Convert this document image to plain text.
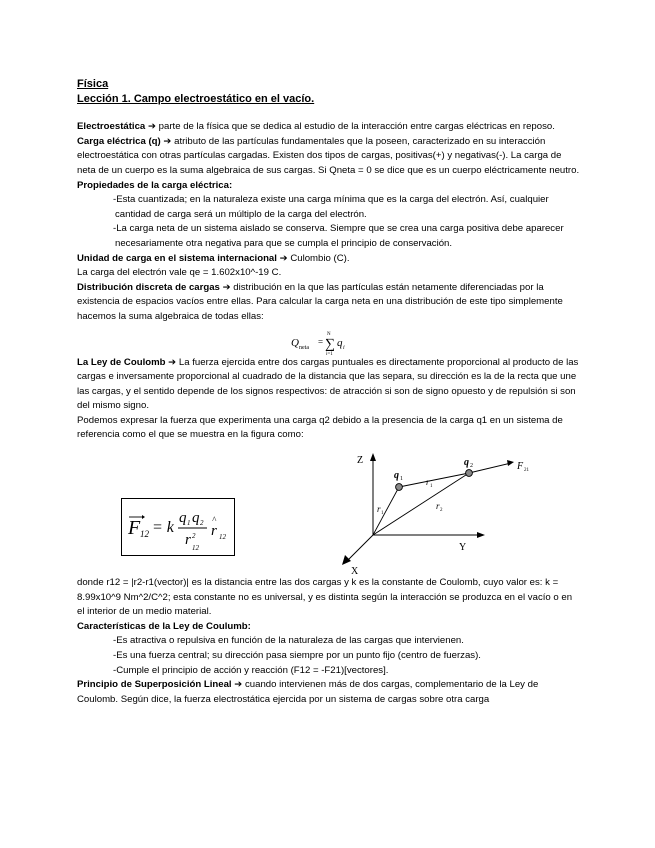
Física
Lección 1. Campo electroestático en el vacío.

Electroestática ➔ parte de la física que se dedica al estudio de la interacción entre cargas eléctricas en reposo.

Carga eléctrica (q) ➔ atributo de las partículas fundamentales que la poseen, caracterizado en su interacción electroestática con otras partículas cargadas. Existen dos tipos de cargas, positivas(+) y negativas(-). La carga de neta de un cuerpo es la suma algebraica de sus cargas. Si Qneta = 0 se dice que es un cuerpo eléctricamente neutro.

Propiedades de la carga eléctrica:

-Esta cuantizada; en la naturaleza existe una carga mínima que es la carga del electrón. Así, cualquier cantidad de carga será un múltiplo de la carga del electrón.

-La carga neta de un sistema aislado se conserva. Siempre que se crea una carga positiva debe aparecer necesariamente otra negativa para que se cumpla el principio de conservación.

Unidad de carga en el sistema internacional ➔ Culombio (C).

La carga del electrón vale qe = 1.602x10^-19 C.

Distribución discreta de cargas ➔ distribución en la que las partículas están netamente diferenciadas por la existencia de espacios vacíos entre ellas. Para calcular la carga neta en una distribución de este tipo simplemente hacemos la suma algebraica de todas ellas:

Q neta
=
N
∑
i=1
q i

La Ley de Coulomb ➔ La fuerza ejercida entre dos cargas puntuales es directamente proporcional al producto de las cargas e inversamente proporcional al cuadrado de la distancia que las separa, su dirección es la de la recta que une las cargas, y el sentido depende de los signos respectivos: de atracción si son de signo opuesto y de repulsión si son del mismo signo.

Podemos expresar la fuerza que experimenta una carga q2 debido a la presencia de la carga q1 en un sistema de referencia como el que se muestra en la figura como:

F 12 = k
q 1 q 2
r 2
12
r
^
12
Z
Y
X
q 1
q 2
r 1
r 1
r 2
F 21

donde r12 = |r2-r1(vector)| es la distancia entre las dos cargas y k es la constante de Coulomb, cuyo valor es: k = 8.99x10^9 Nm^2/C^2; esta constante no es universal, y es distinta según la interacción se produzca en el vacío o en el interior de un medio material.

Características de la Ley de Coulumb:

-Es atractiva o repulsiva en función de la naturaleza de las cargas que intervienen.

-Es una fuerza central; su dirección pasa siempre por un punto fijo (centro de fuerzas).

-Cumple el principio de acción y reacción (F12 = -F21)[vectores].

Principio de Superposición Lineal ➔ cuando intervienen más de dos cargas, complementario de la Ley de Coulomb. Según dice, la fuerza electrostática ejercida por un sistema de cargas sobre otra carga
